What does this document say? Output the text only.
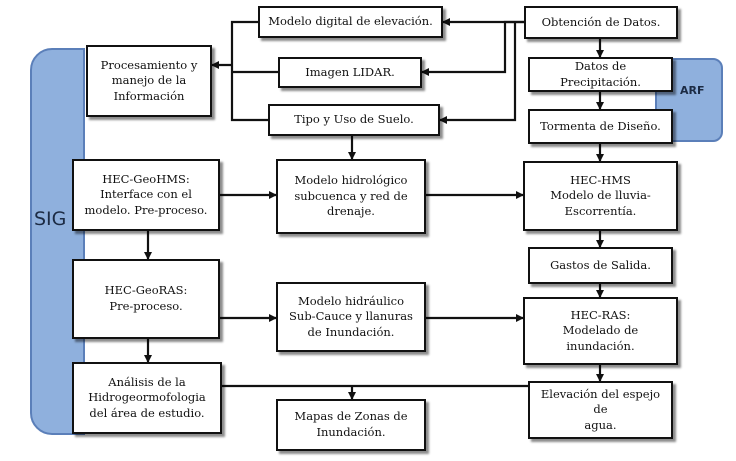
SIG
ARF
Procesamiento y
manejo de la
Información
Modelo digital de elevación.	Obtención de Datos.
Imagen LIDAR.	Datos de Precipitación.
Tipo y Uso de Suelo.	Tormenta de Diseño.
HEC-GeoHMS:
Interface con el
modelo. Pre-proceso.
Modelo hidrológico
subcuenca y red de
drenaje.
HEC-HMS
Modelo de lluvia-
Escorrentía.
Gastos de Salida.
HEC-GeoRAS:
Pre-proceso.	Modelo hidráulico
Sub-Cauce y llanuras
de Inundación.
HEC-RAS:
Modelado de
inundación.
Análisis de la
Hidrogeormofologia
del área de estudio.	Mapas de Zonas de
Inundación.
Elevación del espejo
de
agua.
